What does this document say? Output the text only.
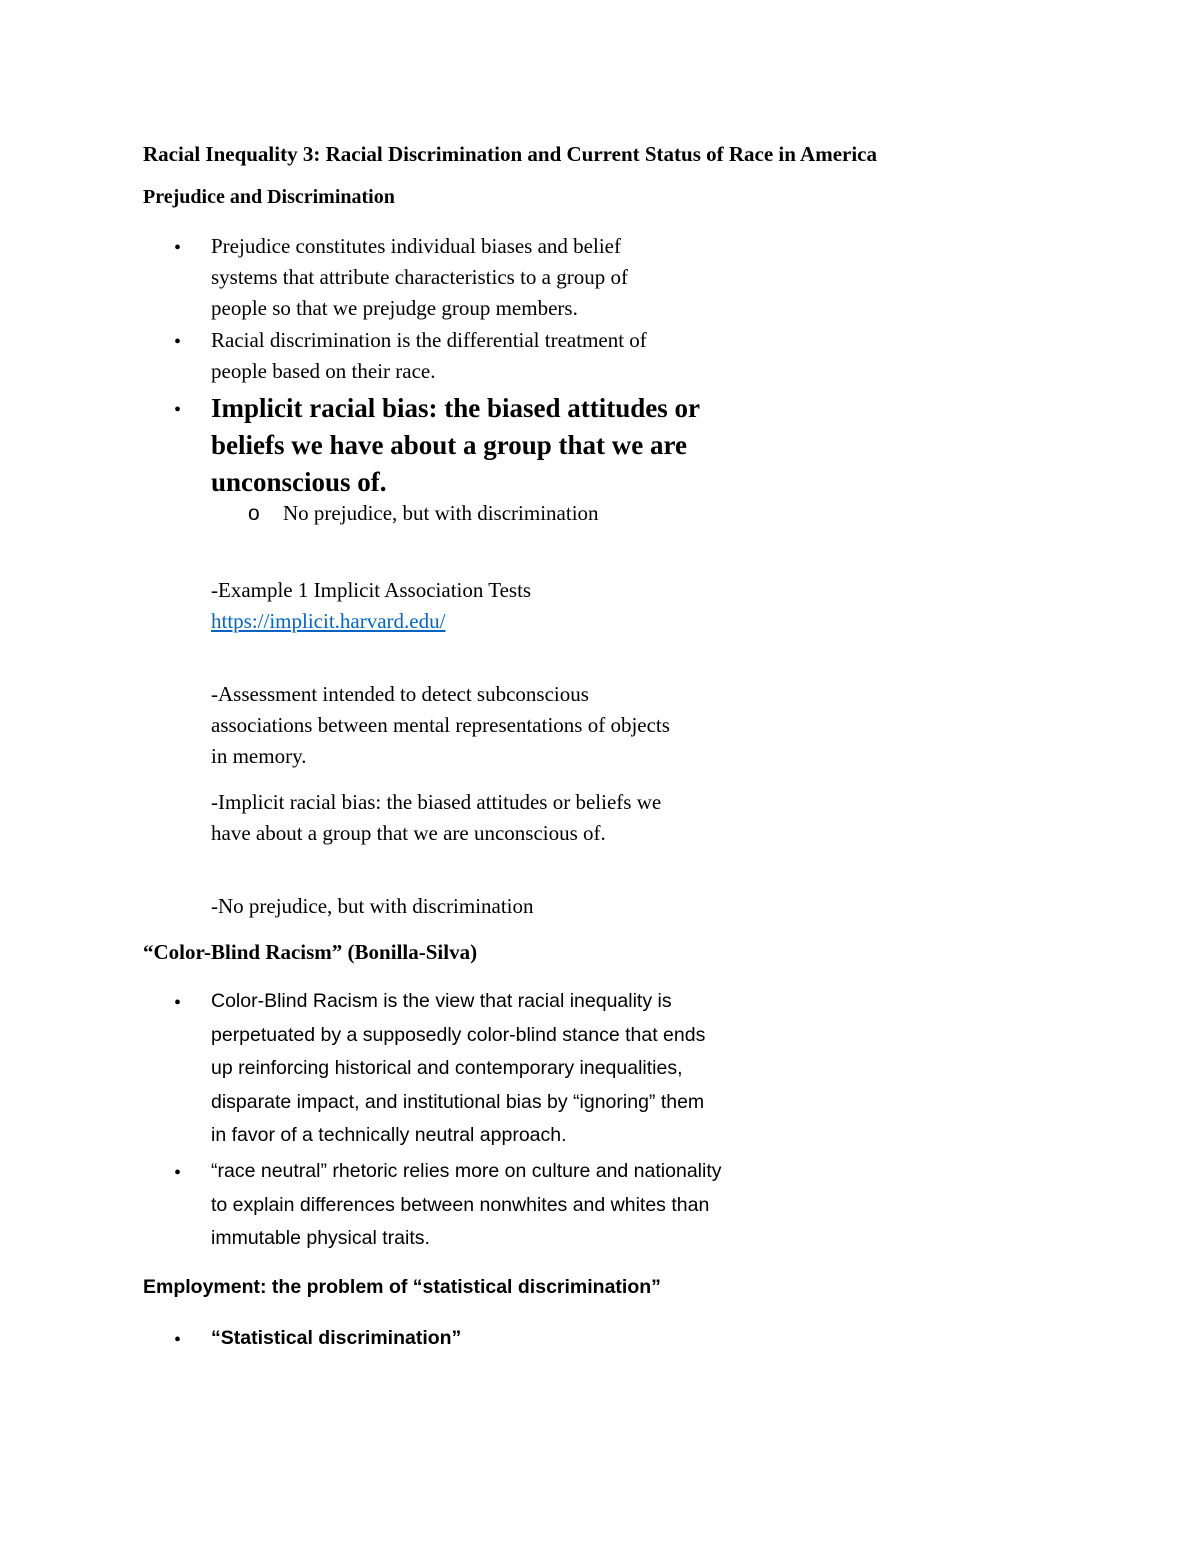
Racial Inequality 3: Racial Discrimination and Current Status of Race in America
Prejudice and Discrimination
• Prejudice constitutes individual biases and belief
systems that attribute characteristics to a group of
people so that we prejudge group members.

• Racial discrimination is the differential treatment of
people based on their race.

• Implicit racial bias: the biased attitudes or
beliefs we have about a group that we are
unconscious of.

o No prejudice, but with discrimination

-Example 1 Implicit Association Tests
https://implicit.harvard.edu/

-Assessment intended to detect subconscious
associations between mental representations of objects
in memory.

-Implicit racial bias: the biased attitudes or beliefs we
have about a group that we are unconscious of.

-No prejudice, but with discrimination

“Color-Blind Racism” (Bonilla-Silva)
• Color-Blind Racism is the view that racial inequality is
perpetuated by a supposedly color-blind stance that ends
up reinforcing historical and contemporary inequalities,
disparate impact, and institutional bias by “ignoring” them
in favor of a technically neutral approach.

• “race neutral” rhetoric relies more on culture and nationality
to explain differences between nonwhites and whites than
immutable physical traits.

Employment: the problem of “statistical discrimination”
• “Statistical discrimination”
